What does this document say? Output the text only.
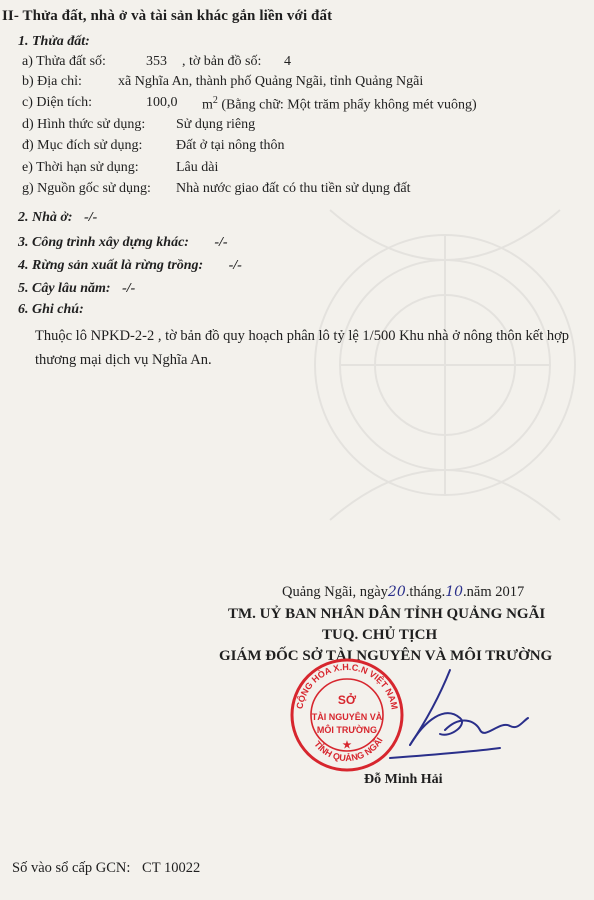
II- Thửa đất, nhà ở và tài sản khác gắn liền với đất
1. Thửa đất:
a) Thửa đất số:	353 , tờ bản đồ số: 4
b) Địa chỉ:	xã Nghĩa An, thành phố Quảng Ngãi, tỉnh Quảng Ngãi
c) Diện tích:	100,0 $m^2$ (Bằng chữ: Một trăm phẩy không mét vuông)
d) Hình thức sử dụng: Sử dụng riêng
đ) Mục đích sử dụng: Đất ở tại nông thôn
e) Thời hạn sử dụng:	Lâu dài
g) Nguồn gốc sử dụng: Nhà nước giao đất có thu tiền sử dụng đất
2. Nhà ở: -/-
3. Công trình xây dựng khác: -/-
4. Rừng sản xuất là rừng trồng: -/-
5. Cây lâu năm: -/-
6. Ghi chú:
Thuộc lô NPKD-2-2 , tờ bản đồ quy hoạch phân lô tỷ lệ 1/500 Khu nhà ở nông thôn kết hợp thương mại dịch vụ Nghĩa An.
Quảng Ngãi, ngày20.tháng.10.năm 2017
TM. UỶ BAN NHÂN DÂN TỈNH QUẢNG NGÃI
TUQ. CHỦ TỊCH
GIÁM ĐỐC SỞ TÀI NGUYÊN VÀ MÔI TRƯỜNG
CỘNG HÒA X.H.C.N VIỆT NAM
TỈNH QUẢNG NGÃI
SỞ
TÀI NGUYÊN VÀ
MÔI TRƯỜNG
★
Đỗ Minh Hải
Số vào sổ cấp GCN: CT 10022
